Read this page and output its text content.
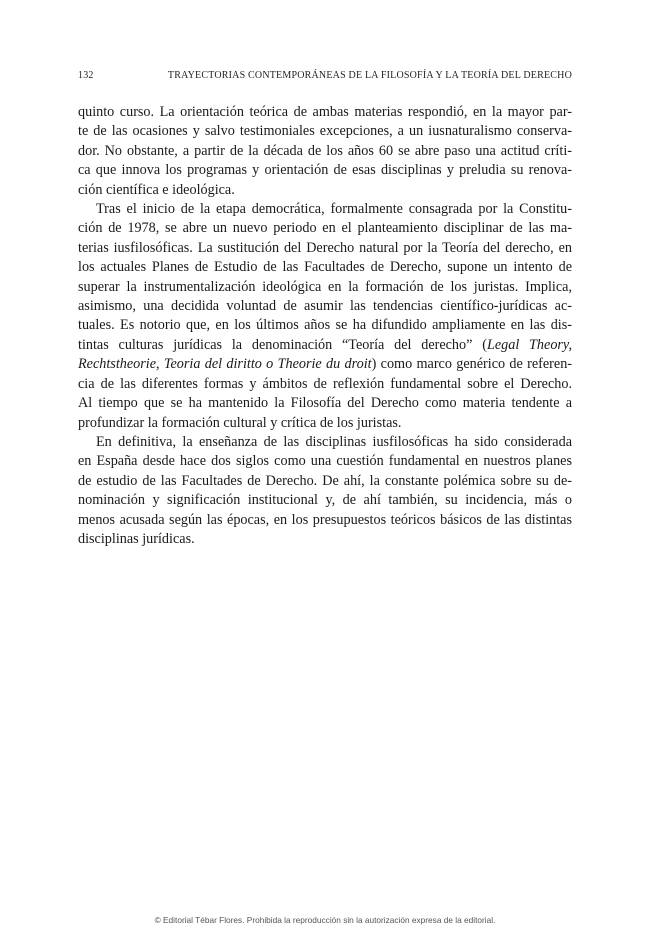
132	TRAYECTORIAS CONTEMPORÁNEAS DE LA FILOSOFÍA Y LA TEORÍA DEL DERECHO
quinto curso. La orientación teórica de ambas materias respondió, en la mayor par-
te de las ocasiones y salvo testimoniales excepciones, a un iusnaturalismo conserva-
dor. No obstante, a partir de la década de los años 60 se abre paso una actitud críti-
ca que innova los programas y orientación de esas disciplinas y preludia su renova-
ción científica e ideológica.
Tras el inicio de la etapa democrática, formalmente consagrada por la Constitu-
ción de 1978, se abre un nuevo periodo en el planteamiento disciplinar de las ma-
terias iusfilosóficas. La sustitución del Derecho natural por la Teoría del derecho, en
los actuales Planes de Estudio de las Facultades de Derecho, supone un intento de
superar la instrumentalización ideológica en la formación de los juristas. Implica,
asimismo, una decidida voluntad de asumir las tendencias científico-jurídicas ac-
tuales. Es notorio que, en los últimos años se ha difundido ampliamente en las dis-
tintas culturas jurídicas la denominación “Teoría del derecho” (Legal Theory,
Rechtstheorie, Teoria del diritto o Theorie du droit) como marco genérico de referen-
cia de las diferentes formas y ámbitos de reflexión fundamental sobre el Derecho.
Al tiempo que se ha mantenido la Filosofía del Derecho como materia tendente a
profundizar la formación cultural y crítica de los juristas.
En definitiva, la enseñanza de las disciplinas iusfilosóficas ha sido considerada
en España desde hace dos siglos como una cuestión fundamental en nuestros planes
de estudio de las Facultades de Derecho. De ahí, la constante polémica sobre su de-
nominación y significación institucional y, de ahí también, su incidencia, más o
menos acusada según las épocas, en los presupuestos teóricos básicos de las distintas
disciplinas jurídicas.
© Editorial Tébar Flores. Prohibida la reproducción sin la autorización expresa de la editorial.
